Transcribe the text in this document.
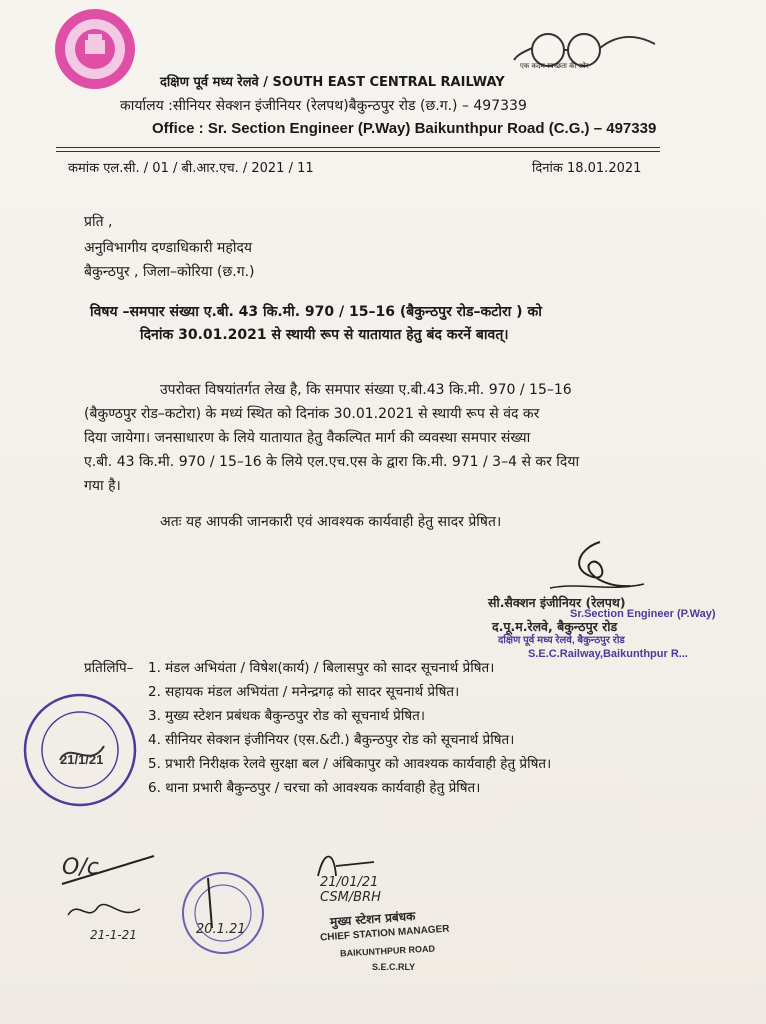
एक कदम स्वच्छता की ओर
दक्षिण पूर्व मध्य रेलवे / SOUTH EAST CENTRAL RAILWAY
कार्यालय :सीनियर सेक्शन इंजीनियर (रेलपथ)बैकुन्ठपुर रोड (छ.ग.) – 497339
Office : Sr. Section Engineer (P.Way) Baikunthpur Road (C.G.) – 497339
कमांक एल.सी. / 01 / बी.आर.एच. / 2021 / 11	दिनांक 18.01.2021
प्रति ,
अनुविभागीय दण्डाधिकारी महोदय
बैकुन्ठपुर , जिला–कोरिया (छ.ग.)
विषय –समपार संख्या ए.बी. 43 कि.मी. 970 / 15–16 (बैकुन्ठपुर रोड–कटोरा ) को
दिनांक 30.01.2021 से स्थायी रूप से यातायात हेतु बंद करनें बावत्।
उपरोक्त विषयांतर्गत लेख है, कि समपार संख्या ए.बी.43 कि.मी. 970 / 15–16
(बैकुण्ठपुर रोड–कटोरा) के मध्यं स्थित को दिनांक 30.01.2021 से स्थायी रूप से वंद कर
दिया जायेगा। जनसाधारण के लिये यातायात हेतु वैकल्पित मार्ग की व्यवस्था समपार संख्या
ए.बी. 43 कि.मी. 970 / 15–16 के लिये एल.एच.एस के द्वारा कि.मी. 971 / 3–4 से कर दिया
गया है।
अतः यह आपकी जानकारी एवं आवश्यक कार्यवाही हेतु सादर प्रेषित।
सी.सैक्शन इंजीनियर (रेलपथ)
Sr.Section Engineer (P.Way)
द.पू.म.रेलवे, बैकुन्ठपुर रोड
दक्षिण पूर्व मध्य रेलवे, बैकुन्ठपुर रोड
S.E.C.Railway,Baikunthpur R...
प्रतिलिपि– 1. मंडल अभियंता / विषेश(कार्य) / बिलासपुर को सादर सूचनार्थ प्रेषित।
2. सहायक मंडल अभियंता / मनेन्द्रगढ़ को सादर सूचनार्थ प्रेषित।
3. मुख्य स्टेशन प्रबंधक बैकुन्ठपुर रोड को सूचनार्थ प्रेषित।
4. सीनियर सेक्शन इंजीनियर (एस.&टी.) बैकुन्ठपुर रोड को सूचनार्थ प्रेषित।
5. प्रभारी निरीक्षक रेलवे सुरक्षा बल / अंबिकापुर को आवश्यक कार्यवाही हेतु प्रेषित।
6. थाना प्रभारी बैकुन्ठपुर / चरचा को आवश्यक कार्यवाही हेतु प्रेषित।
21/1/21
O/c
21-1-21	20.1.21
21/01/21 CSM/BRH
मुख्य स्टेशन प्रबंधक
CHIEF STATION MANAGER
BAIKUNTHPUR ROAD
S.E.C.RLY
